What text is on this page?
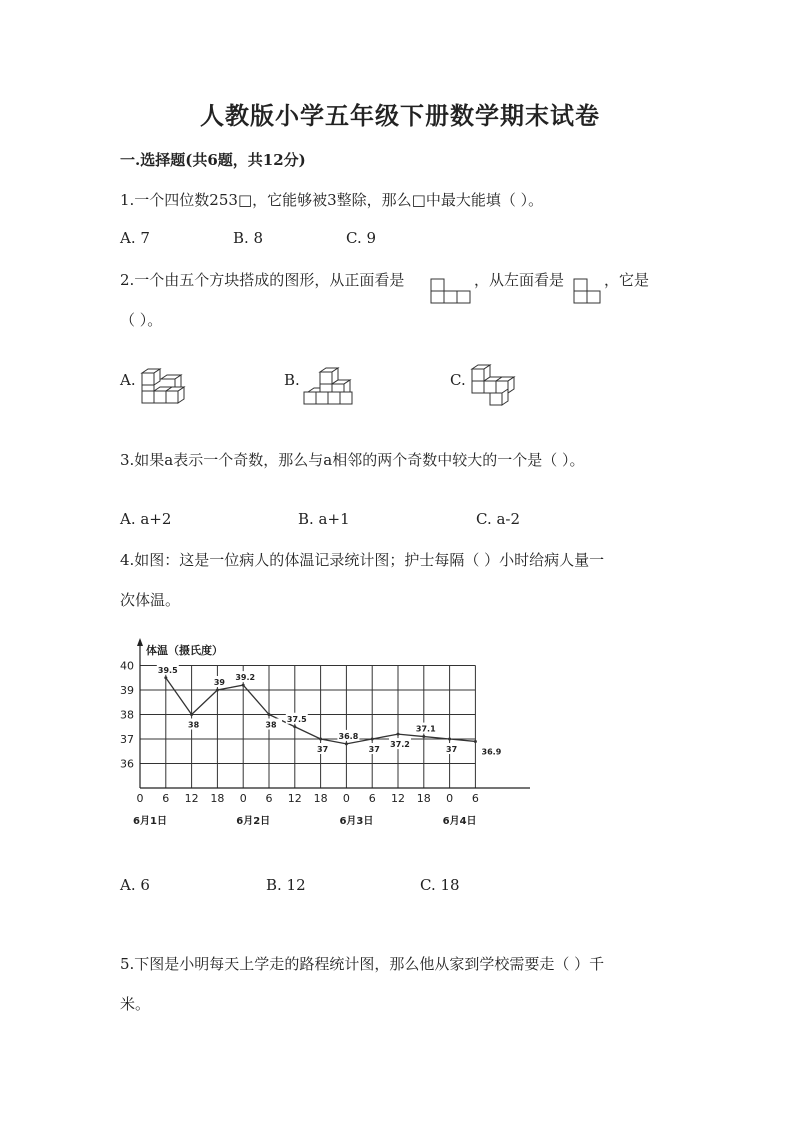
人教版小学五年级下册数学期末试卷
一.选择题(共6题，共12分)
1.一个四位数253□，它能够被3整除，那么□中最大能填（ ）。
A. 7	B. 8	C. 9
2.一个由五个方块搭成的图形，从正面看是	，从左面看是	，它是
（ ）。
A.	B.	C.
3.如果a表示一个奇数，那么与a相邻的两个奇数中较大的一个是（ ）。
A. a+2	B. a+1	C. a-2
4.如图：这是一位病人的体温记录统计图；护士每隔（ ）小时给病人量一
次体温。
体温（摄氏度）
36
37
38
39
40
0 6 12 18 0 6 12 18 0 6 12 18 0 6
6月1日	6月2日	6月3日	6月4日
39.5
38
39
39.2
38
37.5
37
36.8
37
37.2
37.1
37	36.9
A. 6	B. 12	C. 18
5.下图是小明每天上学走的路程统计图，那么他从家到学校需要走（ ）千
米。
